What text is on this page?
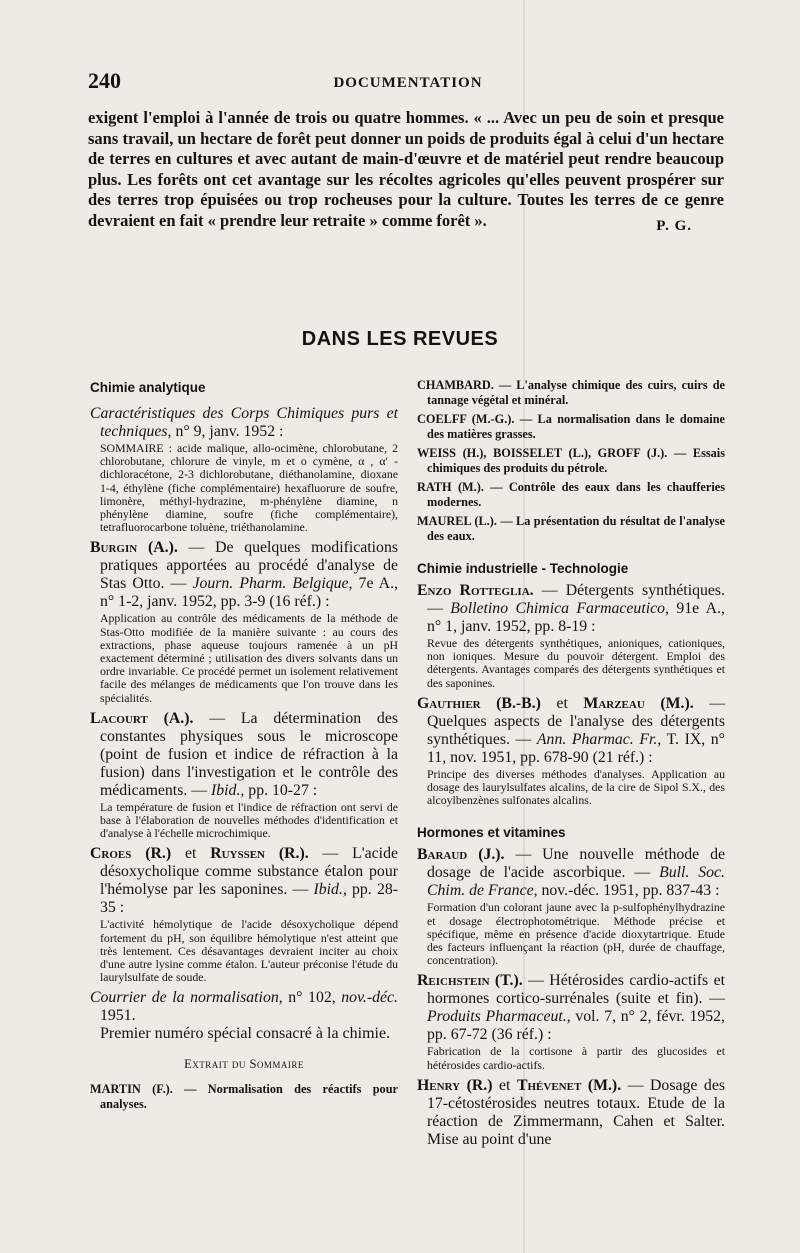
240	DOCUMENTATION

exigent l'emploi à l'année de trois ou quatre hommes. « ... Avec un peu de soin et presque sans travail, un hectare de forêt peut donner un poids de produits égal à celui d'un hectare de terres en cultures et avec autant de main-d'œuvre et de matériel peut rendre beaucoup plus. Les forêts ont cet avantage sur les récoltes agricoles qu'elles peuvent prospérer sur des terres trop épuisées ou trop rocheuses pour la culture. Toutes les terres de ce genre devraient en fait « prendre leur retraite » comme forêt ».	P. G.
DANS LES REVUES
Chimie analytique
Caractéristiques des Corps Chimiques purs et techniques, n° 9, janv. 1952 :
SOMMAIRE : acide malique, allo-ocimène, chlorobutane, 2 chlorobutane, chlorure de vinyle, m et o cymène, α , α′ -dichloracétone, 2-3 dichlorobutane, diéthanolamine, dioxane 1-4, éthylène (fiche complémentaire) hexafluorure de soufre, limonère, méthyl-hydrazine, m-phénylène diamine, n phénylène diamine, soufre (fiche complémentaire), tetrafluorocarbone toluène, triéthanolamine.
Burgin (A.). — De quelques modifications pratiques apportées au procédé d'analyse de Stas Otto. — Journ. Pharm. Belgique, 7e A., n° 1-2, janv. 1952, pp. 3-9 (16 réf.) :
Application au contrôle des médicaments de la méthode de Stas-Otto modifiée de la manière suivante : au cours des extractions, phase aqueuse toujours ramenée à un pH exactement déterminé ; utilisation des divers solvants dans un ordre invariable. Ce procédé permet un isolement relativement facile des mélanges de médicaments que l'on trouve dans les spécialités.
Lacourt (A.). — La détermination des constantes physiques sous le microscope (point de fusion et indice de réfraction à la fusion) dans l'investigation et le contrôle des médicaments. — Ibid., pp. 10-27 :
La température de fusion et l'indice de réfraction ont servi de base à l'élaboration de nouvelles méthodes d'identification et d'analyse à l'échelle microchimique.
Croes (R.) et Ruyssen (R.). — L'acide désoxycholique comme substance étalon pour l'hémolyse par les saponines. — Ibid., pp. 28-35 :
L'activité hémolytique de l'acide désoxycholique dépend fortement du pH, son équilibre hémolytique n'est atteint que très lentement. Ces désavantages devraient inciter au choix d'une autre lysine comme étalon. L'auteur préconise l'étude du laurylsulfate de soude.
Courrier de la normalisation, n° 102, nov.-déc. 1951.
Premier numéro spécial consacré à la chimie.
Extrait du Sommaire
MARTIN (F.). — Normalisation des réactifs pour analyses.
CHAMBARD. — L'analyse chimique des cuirs, cuirs de tannage végétal et minéral.
COELFF (M.-G.). — La normalisation dans le domaine des matières grasses.
WEISS (H.), BOISSELET (L.), GROFF (J.). — Essais chimiques des produits du pétrole.
RATH (M.). — Contrôle des eaux dans les chaufferies modernes.
MAUREL (L.). — La présentation du résultat de l'analyse des eaux.
Chimie industrielle - Technologie
Enzo Rotteglia. — Détergents synthétiques. — Bolletino Chimica Farmaceutico, 91e A., n° 1, janv. 1952, pp. 8-19 :
Revue des détergents synthétiques, anioniques, cationiques, non ioniques. Mesure du pouvoir détergent. Emploi des détergents. Avantages comparés des détergents synthétiques et des saponines.
Gauthier (B.-B.) et Marzeau (M.). — Quelques aspects de l'analyse des détergents synthétiques. — Ann. Pharmac. Fr., T. IX, n° 11, nov. 1951, pp. 678-90 (21 réf.) :
Principe des diverses méthodes d'analyses. Application au dosage des laurylsulfates alcalins, de la cire de Sipol S.X., des alcoylbenzènes sulfonates alcalins.
Hormones et vitamines
Baraud (J.). — Une nouvelle méthode de dosage de l'acide ascorbique. — Bull. Soc. Chim. de France, nov.-déc. 1951, pp. 837-43 :
Formation d'un colorant jaune avec la p-sulfophénylhydrazine et dosage électrophotométrique. Méthode précise et spécifique, même en présence d'acide dioxytartrique. Etude des facteurs influençant la réaction (pH, durée de chauffage, concentration).
Reichstein (T.). — Hétérosides cardio-actifs et hormones cortico-surrénales (suite et fin). — Produits Pharmaceut., vol. 7, n° 2, févr. 1952, pp. 67-72 (36 réf.) :
Fabrication de la cortisone à partir des glucosides et hétérosides cardio-actifs.
Henry (R.) et Thévenet (M.). — Dosage des 17-cétostérosides neutres totaux. Etude de la réaction de Zimmermann, Cahen et Salter. Mise au point d'une
